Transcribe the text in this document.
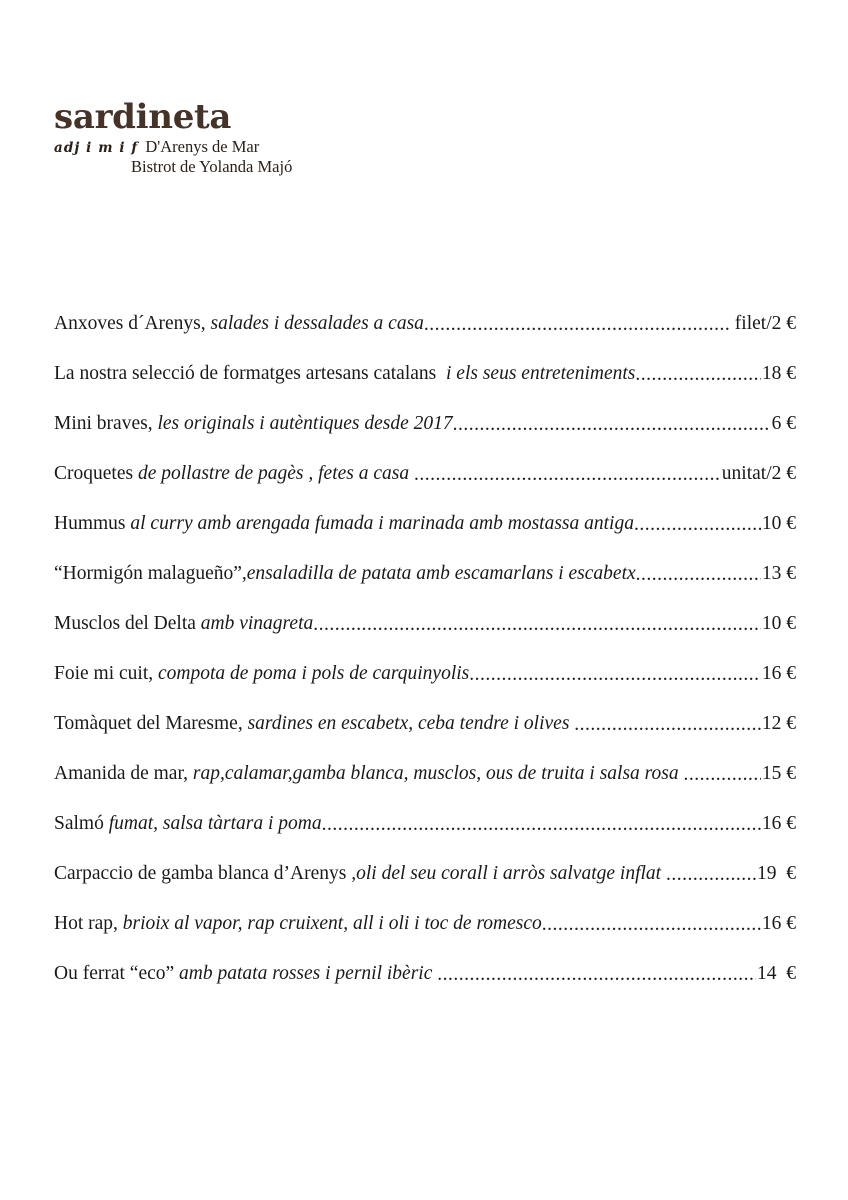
sardineta
adj i m i f D'Arenys de Mar
Bistrot de Yolanda Majó
Anxoves d´Arenys, salades i dessalades a casa .....	filet/2 €
La nostra selecció de formatges artesans catalans i els seus entreteniments .....	18 €
Mini braves, les originals i autèntiques desde 2017 .....	6 €
Croquetes de pollastre de pagès , fetes a casa .....	unitat/2 €
Hummus al curry amb arengada fumada i marinada amb mostassa antiga .....	10 €
“Hormigón malagueño”, ensaladilla de patata amb escamarlans i escabetx .....	13 €
Musclos del Delta amb vinagreta .....	10 €
Foie mi cuit, compota de poma i pols de carquinyolis .....	16 €
Tomàquet del Maresme, sardines en escabetx, ceba tendre i olives .....	12 €
Amanida de mar, rap,calamar,gamba blanca, musclos, ous de truita i salsa rosa .....	15 €
Salmó fumat, salsa tàrtara i poma .....	16 €
Carpaccio de gamba blanca d’Arenys ,oli del seu corall i arròs salvatge inflat .....	19  €
Hot rap, brioix al vapor, rap cruixent, all i oli i toc de romesco .....	16 €
Ou ferrat “eco” amb patata rosses i pernil ibèric .....	14  €
